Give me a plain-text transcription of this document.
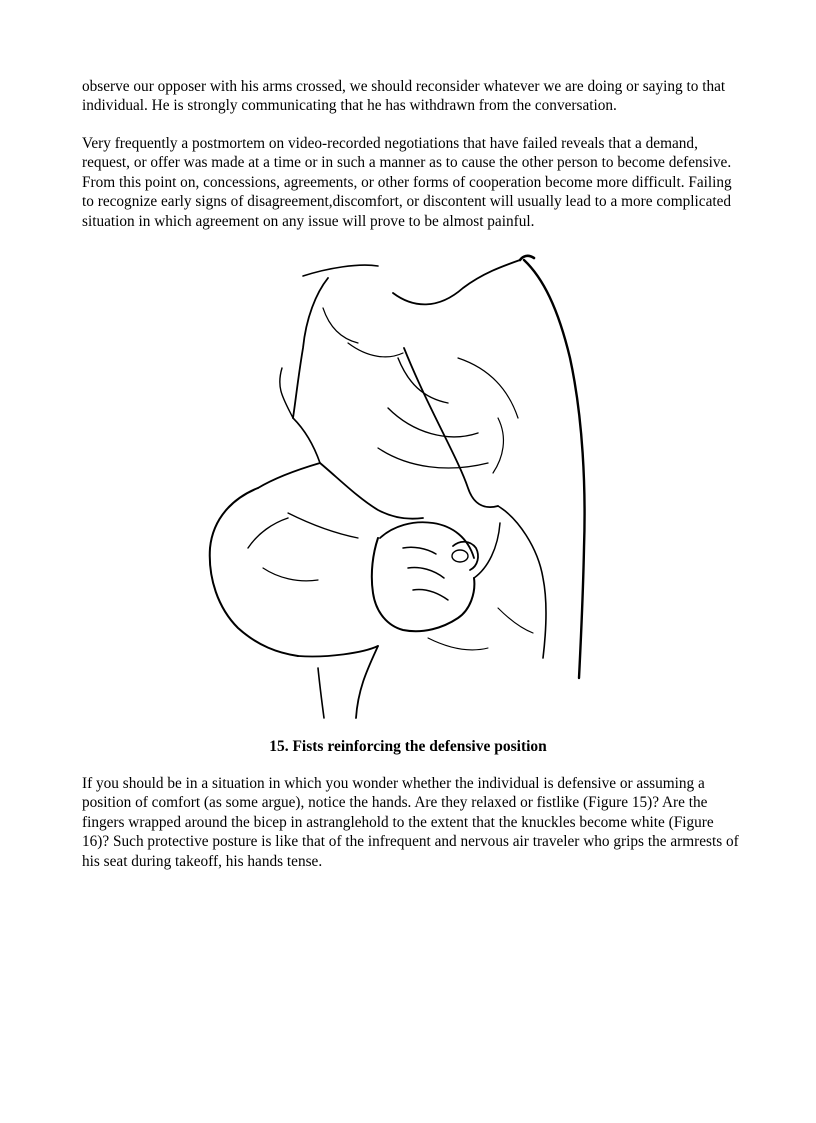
observe our opposer with his arms crossed, we should reconsider whatever we are doing or saying to that individual. He is strongly communicating that he has withdrawn from the conversation.

Very frequently a postmortem on video-recorded negotiations that have failed reveals that a demand, request, or offer was made at a time or in such a manner as to cause the other person to become defensive. From this point on, concessions, agreements, or other forms of cooperation become more difficult. Failing to recognize early signs of disagreement,discomfort, or discontent will usually lead to a more complicated situation in which agreement on any issue will prove to be almost painful.

15. Fists reinforcing the defensive position

If you should be in a situation in which you wonder whether the individual is defensive or assuming a position of comfort (as some argue), notice the hands. Are they relaxed or fistlike (Figure 15)? Are the fingers wrapped around the bicep in astranglehold to the extent that the knuckles become white (Figure 16)? Such protective posture is like that of the infrequent and nervous air traveler who grips the armrests of his seat during takeoff, his hands tense.
